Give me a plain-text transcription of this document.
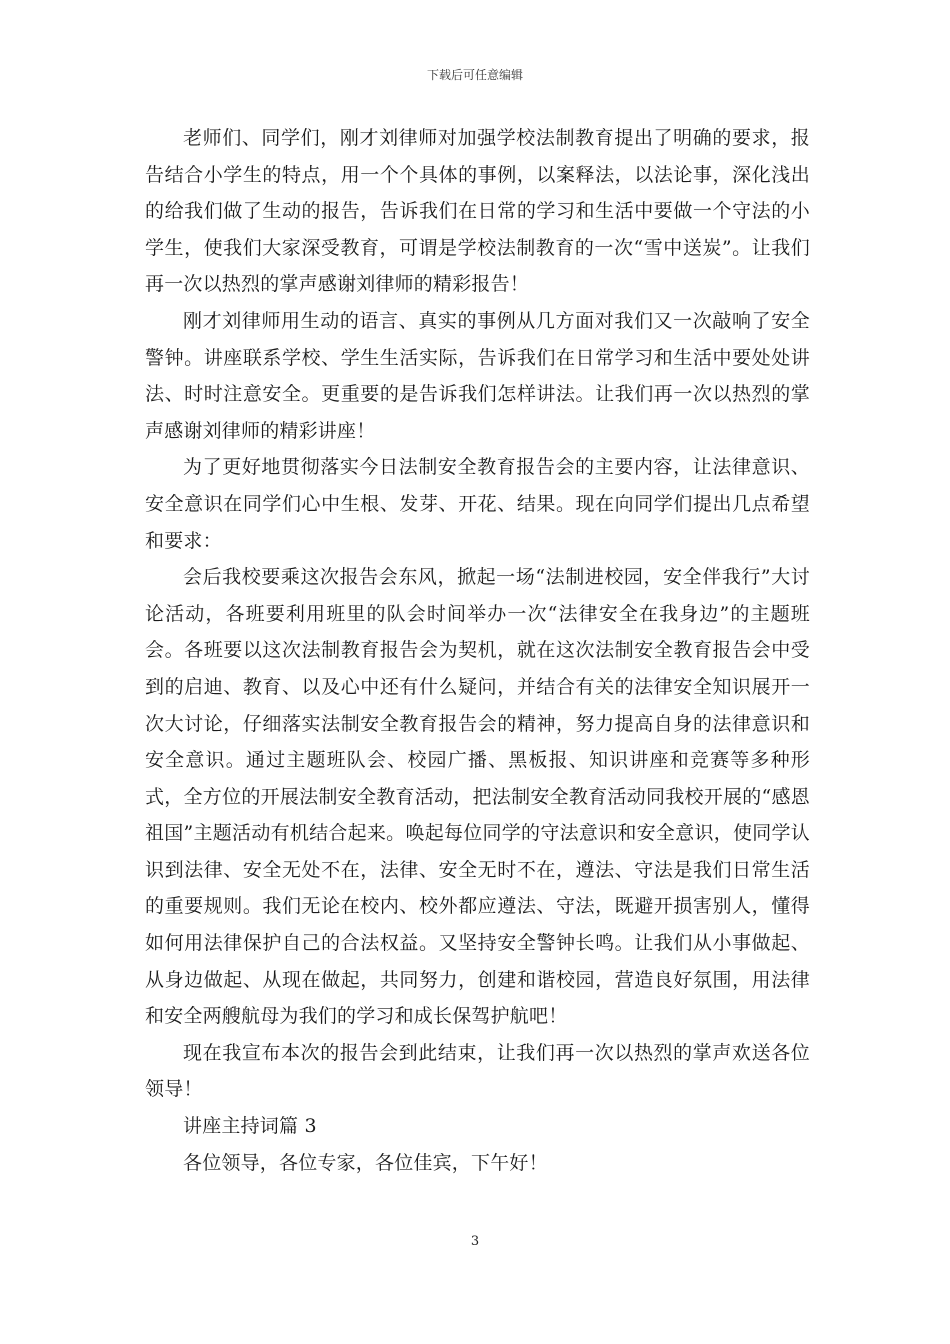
下载后可任意编辑

老师们、同学们，刚才刘律师对加强学校法制教育提出了明确的要求，报告结合小学生的特点，用一个个具体的事例，以案释法，以法论事，深化浅出的给我们做了生动的报告，告诉我们在日常的学习和生活中要做一个守法的小学生，使我们大家深受教育，可谓是学校法制教育的一次“雪中送炭”。让我们再一次以热烈的掌声感谢刘律师的精彩报告！

刚才刘律师用生动的语言、真实的事例从几方面对我们又一次敲响了安全警钟。讲座联系学校、学生生活实际，告诉我们在日常学习和生活中要处处讲法、时时注意安全。更重要的是告诉我们怎样讲法。让我们再一次以热烈的掌声感谢刘律师的精彩讲座！

为了更好地贯彻落实今日法制安全教育报告会的主要内容，让法律意识、安全意识在同学们心中生根、发芽、开花、结果。现在向同学们提出几点希望和要求：

会后我校要乘这次报告会东风，掀起一场“法制进校园，安全伴我行”大讨论活动，各班要利用班里的队会时间举办一次“法律安全在我身边”的主题班会。各班要以这次法制教育报告会为契机，就在这次法制安全教育报告会中受到的启迪、教育、以及心中还有什么疑问，并结合有关的法律安全知识展开一次大讨论，仔细落实法制安全教育报告会的精神，努力提高自身的法律意识和安全意识。通过主题班队会、校园广播、黑板报、知识讲座和竞赛等多种形式，全方位的开展法制安全教育活动，把法制安全教育活动同我校开展的“感恩祖国”主题活动有机结合起来。唤起每位同学的守法意识和安全意识，使同学认识到法律、安全无处不在，法律、安全无时不在，遵法、守法是我们日常生活的重要规则。我们无论在校内、校外都应遵法、守法，既避开损害别人，懂得如何用法律保护自己的合法权益。又坚持安全警钟长鸣。让我们从小事做起、从身边做起、从现在做起，共同努力，创建和谐校园，营造良好氛围，用法律和安全两艘航母为我们的学习和成长保驾护航吧！

现在我宣布本次的报告会到此结束，让我们再一次以热烈的掌声欢送各位领导！

讲座主持词篇 3

各位领导，各位专家，各位佳宾，下午好！

3
